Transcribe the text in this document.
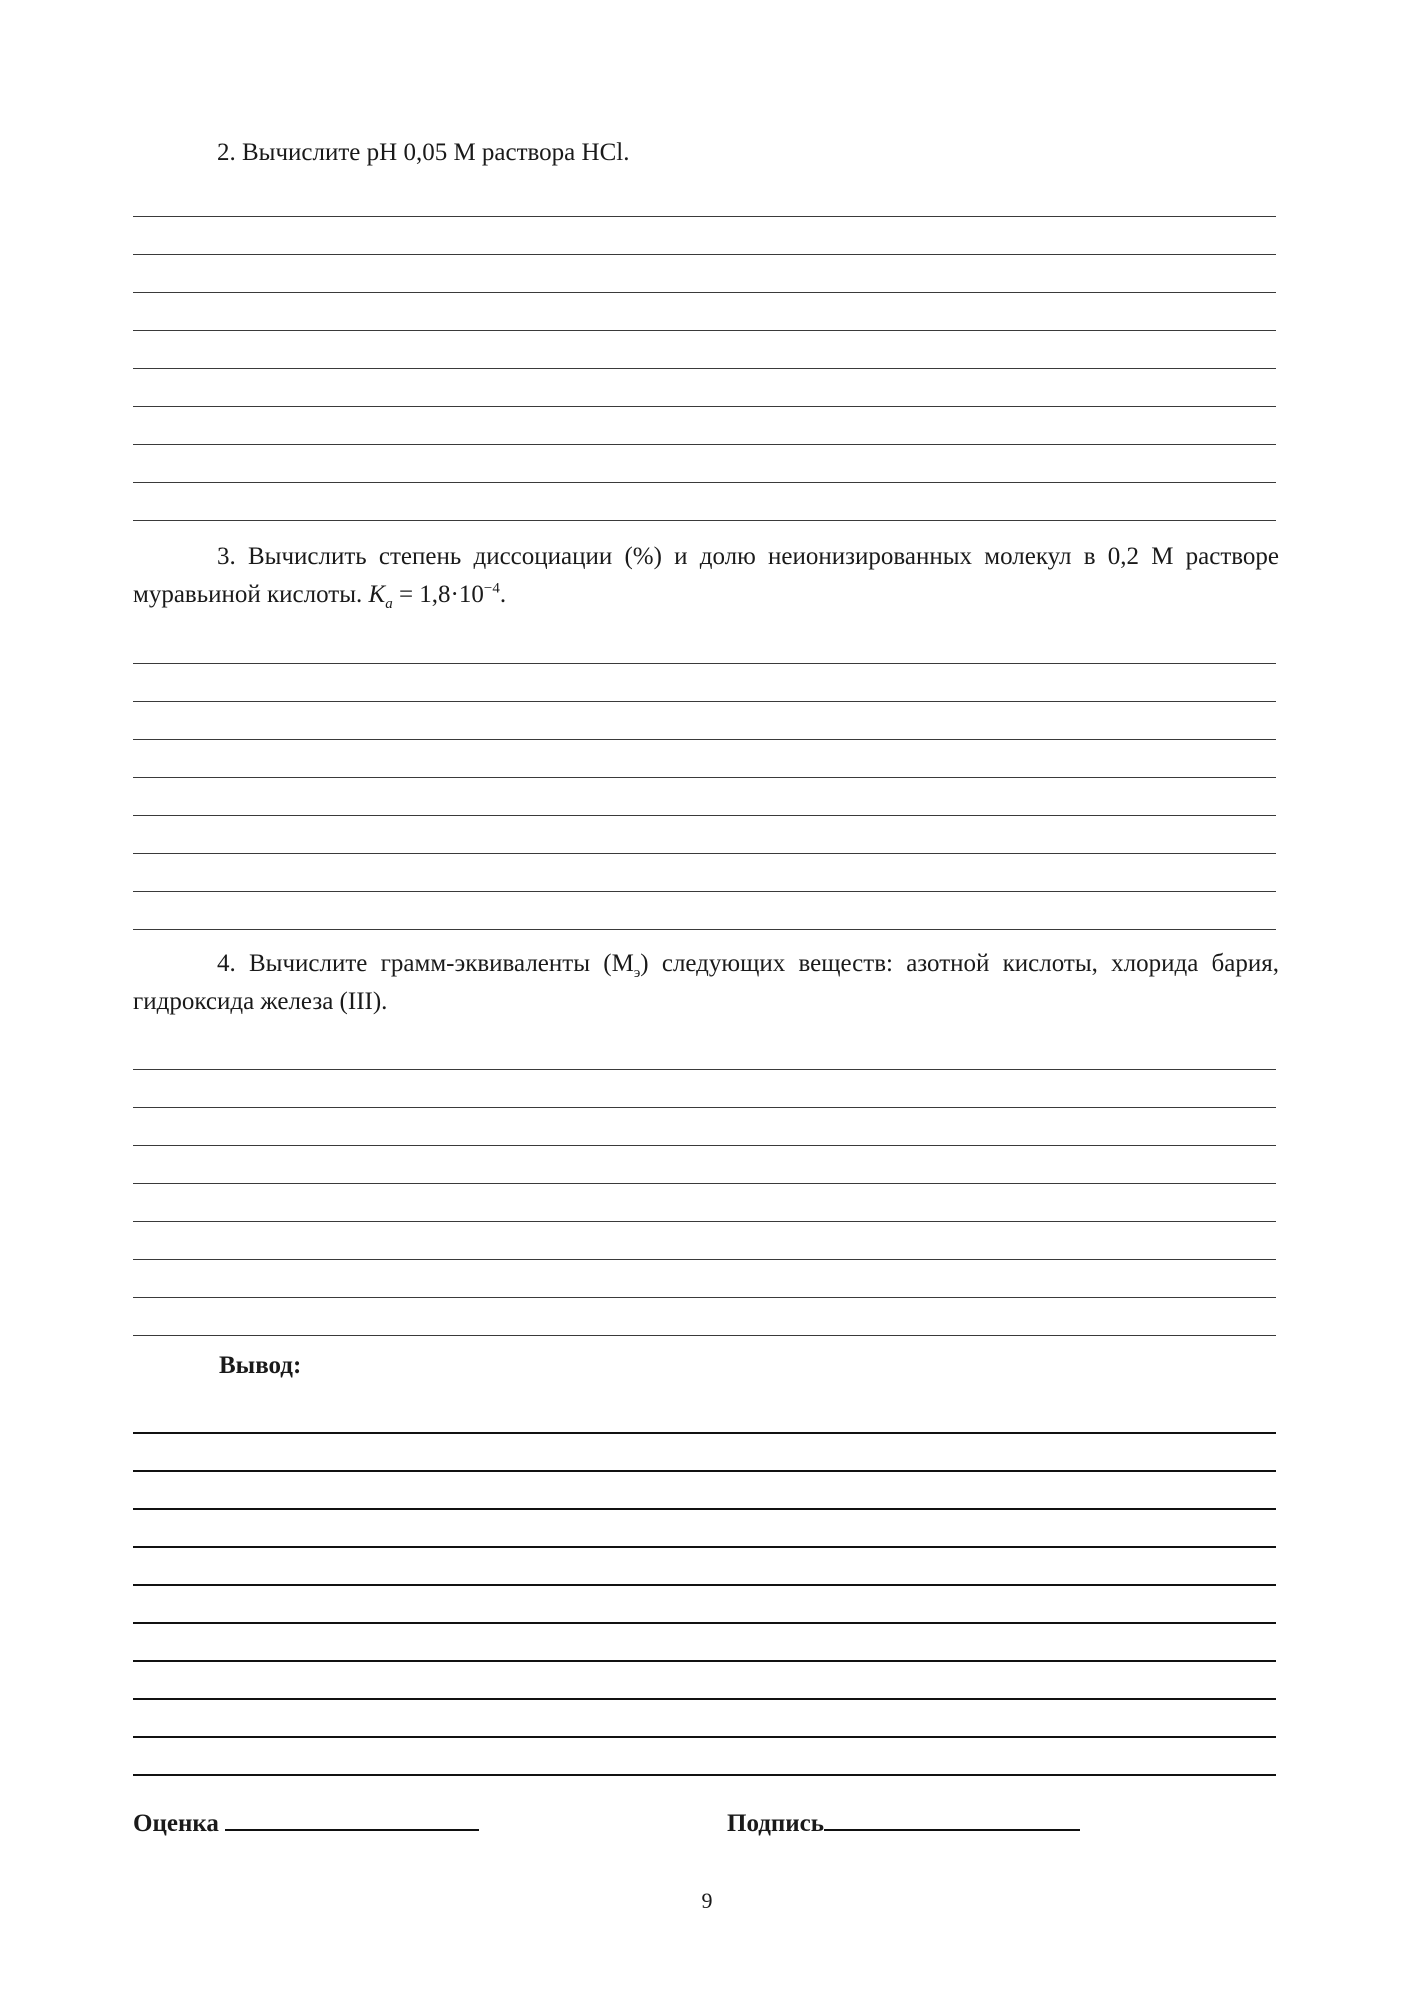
2. Вычислите pH 0,05 M раствора HCl.

3. Вычислить степень диссоциации (%) и долю неионизированных молекул в 0,2 М растворе муравьиной кислоты. $K_a = 1,8\cdot 10^{-4}$.

4. Вычислите грамм-эквиваленты $(М_э)$ следующих веществ: азотной кислоты, хлорида бария, гидроксида железа (III).

Вывод:

Оценка	Подпись
9
